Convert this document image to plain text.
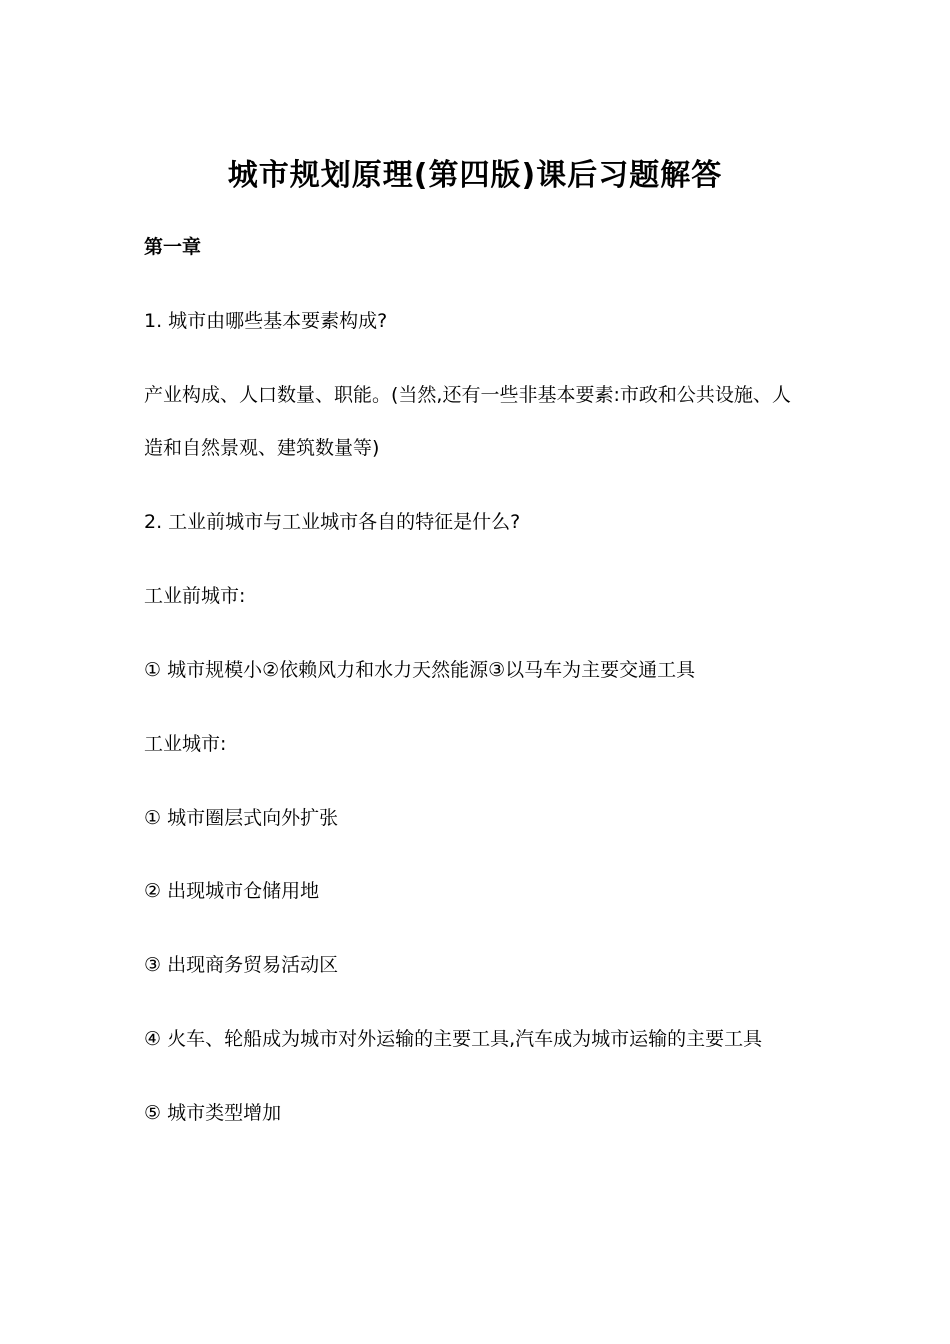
城市规划原理(第四版)课后习题解答
第一章
1. 城市由哪些基本要素构成?
产业构成、人口数量、职能。(当然,还有一些非基本要素:市政和公共设施、人
造和自然景观、建筑数量等)
2. 工业前城市与工业城市各自的特征是什么?
工业前城市:
① 城市规模小②依赖风力和水力天然能源③以马车为主要交通工具
工业城市:
① 城市圈层式向外扩张
② 出现城市仓储用地
③ 出现商务贸易活动区
④ 火车、轮船成为城市对外运输的主要工具,汽车成为城市运输的主要工具
⑤ 城市类型增加
